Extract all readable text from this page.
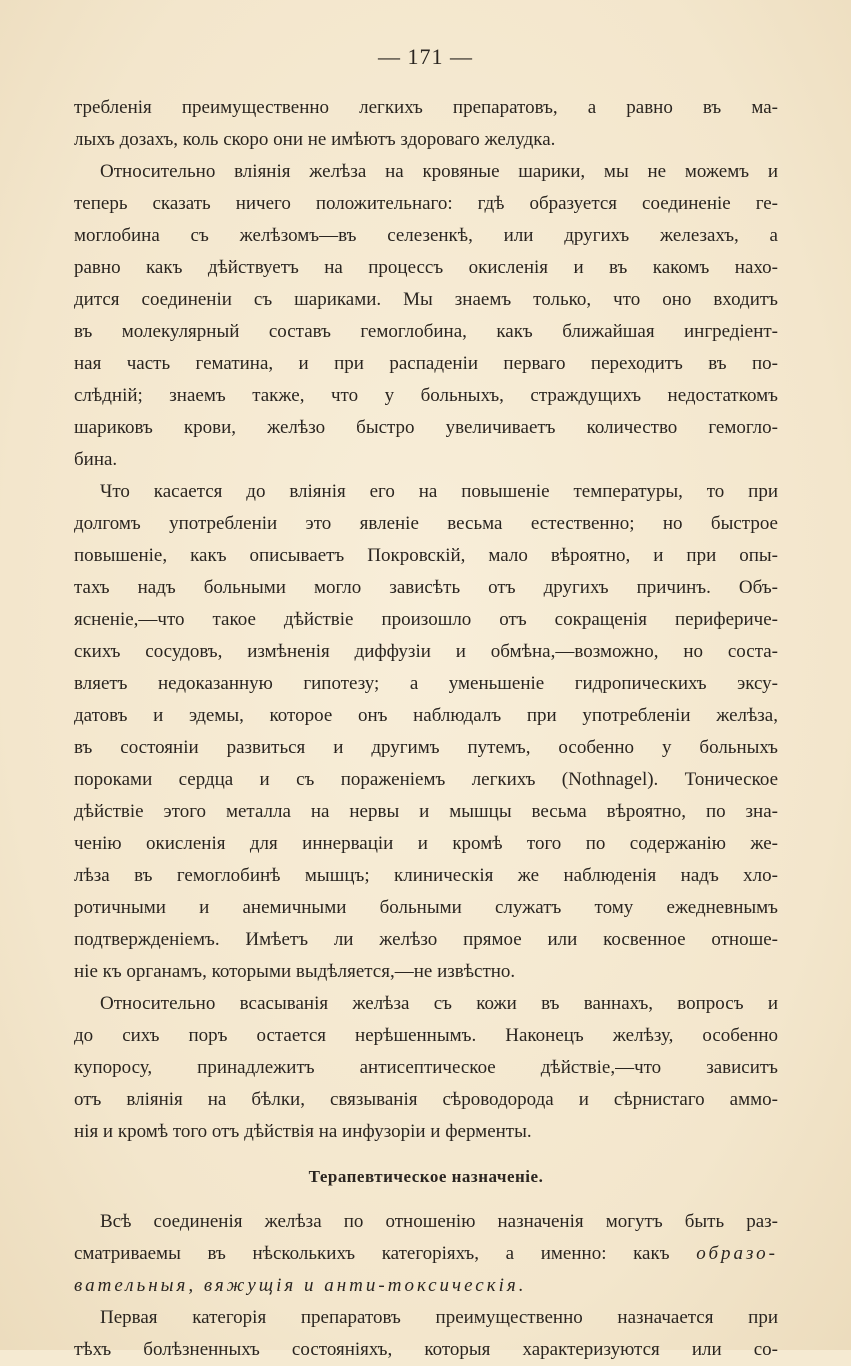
— 171 —
требленія преимущественно легкихъ препаратовъ, а равно въ ма-
лыхъ дозахъ, коль скоро они не имѣютъ здороваго желудка.
Относительно вліянія желѣза на кровяные шарики, мы не можемъ и
теперь сказать ничего положительнаго: гдѣ образуется соединеніе ге-
моглобина съ желѣзомъ—въ селезенкѣ, или другихъ железахъ, а
равно какъ дѣйствуетъ на процессъ окисленія и въ какомъ нахо-
дится соединеніи съ шариками. Мы знаемъ только, что оно входитъ
въ молекулярный составъ гемоглобина, какъ ближайшая ингредіент-
ная часть гематина, и при распаденіи перваго переходитъ въ по-
слѣдній; знаемъ также, что у больныхъ, страждущихъ недостаткомъ
шариковъ крови, желѣзо быстро увеличиваетъ количество гемогло-
бина.
Что касается до вліянія его на повышеніе температуры, то при
долгомъ употребленіи это явленіе весьма естественно; но быстрое
повышеніе, какъ описываетъ Покровскій, мало вѣроятно, и при опы-
тахъ надъ больными могло зависѣть отъ другихъ причинъ. Объ-
ясненіе,—что такое дѣйствіе произошло отъ сокращенія перифериче-
скихъ сосудовъ, измѣненія диффузіи и обмѣна,—возможно, но соста-
вляетъ недоказанную гипотезу; а уменьшеніе гидропическихъ эксу-
датовъ и эдемы, которое онъ наблюдалъ при употребленіи желѣза,
въ состояніи развиться и другимъ путемъ, особенно у больныхъ
пороками сердца и съ пораженіемъ легкихъ (Nothnagel). Тоническое
дѣйствіе этого металла на нервы и мышцы весьма вѣроятно, по зна-
ченію окисленія для иннерваціи и кромѣ того по содержанію же-
лѣза въ гемоглобинѣ мышцъ; клиническія же наблюденія надъ хло-
ротичными и анемичными больными служатъ тому ежедневнымъ
подтвержденіемъ. Имѣетъ ли желѣзо прямое или косвенное отноше-
ніе къ органамъ, которыми выдѣляется,—не извѣстно.
Относительно всасыванія желѣза съ кожи въ ваннахъ, вопросъ и
до сихъ поръ остается нерѣшеннымъ. Наконецъ желѣзу, особенно
купоросу, принадлежитъ антисептическое дѣйствіе,—что зависитъ
отъ вліянія на бѣлки, связыванія сѣроводорода и сѣрнистаго аммо-
нія и кромѣ того отъ дѣйствія на инфузоріи и ферменты.
Терапевтическое назначеніе.
Всѣ соединенія желѣза по отношенію назначенія могутъ быть раз-
сматриваемы въ нѣсколькихъ категоріяхъ, а именно: какъ образо-
вательныя, вяжущія и анти-токсическія.
Первая категорія препаратовъ преимущественно назначается при
тѣхъ болѣзненныхъ состояніяхъ, которыя характеризуются или со-
